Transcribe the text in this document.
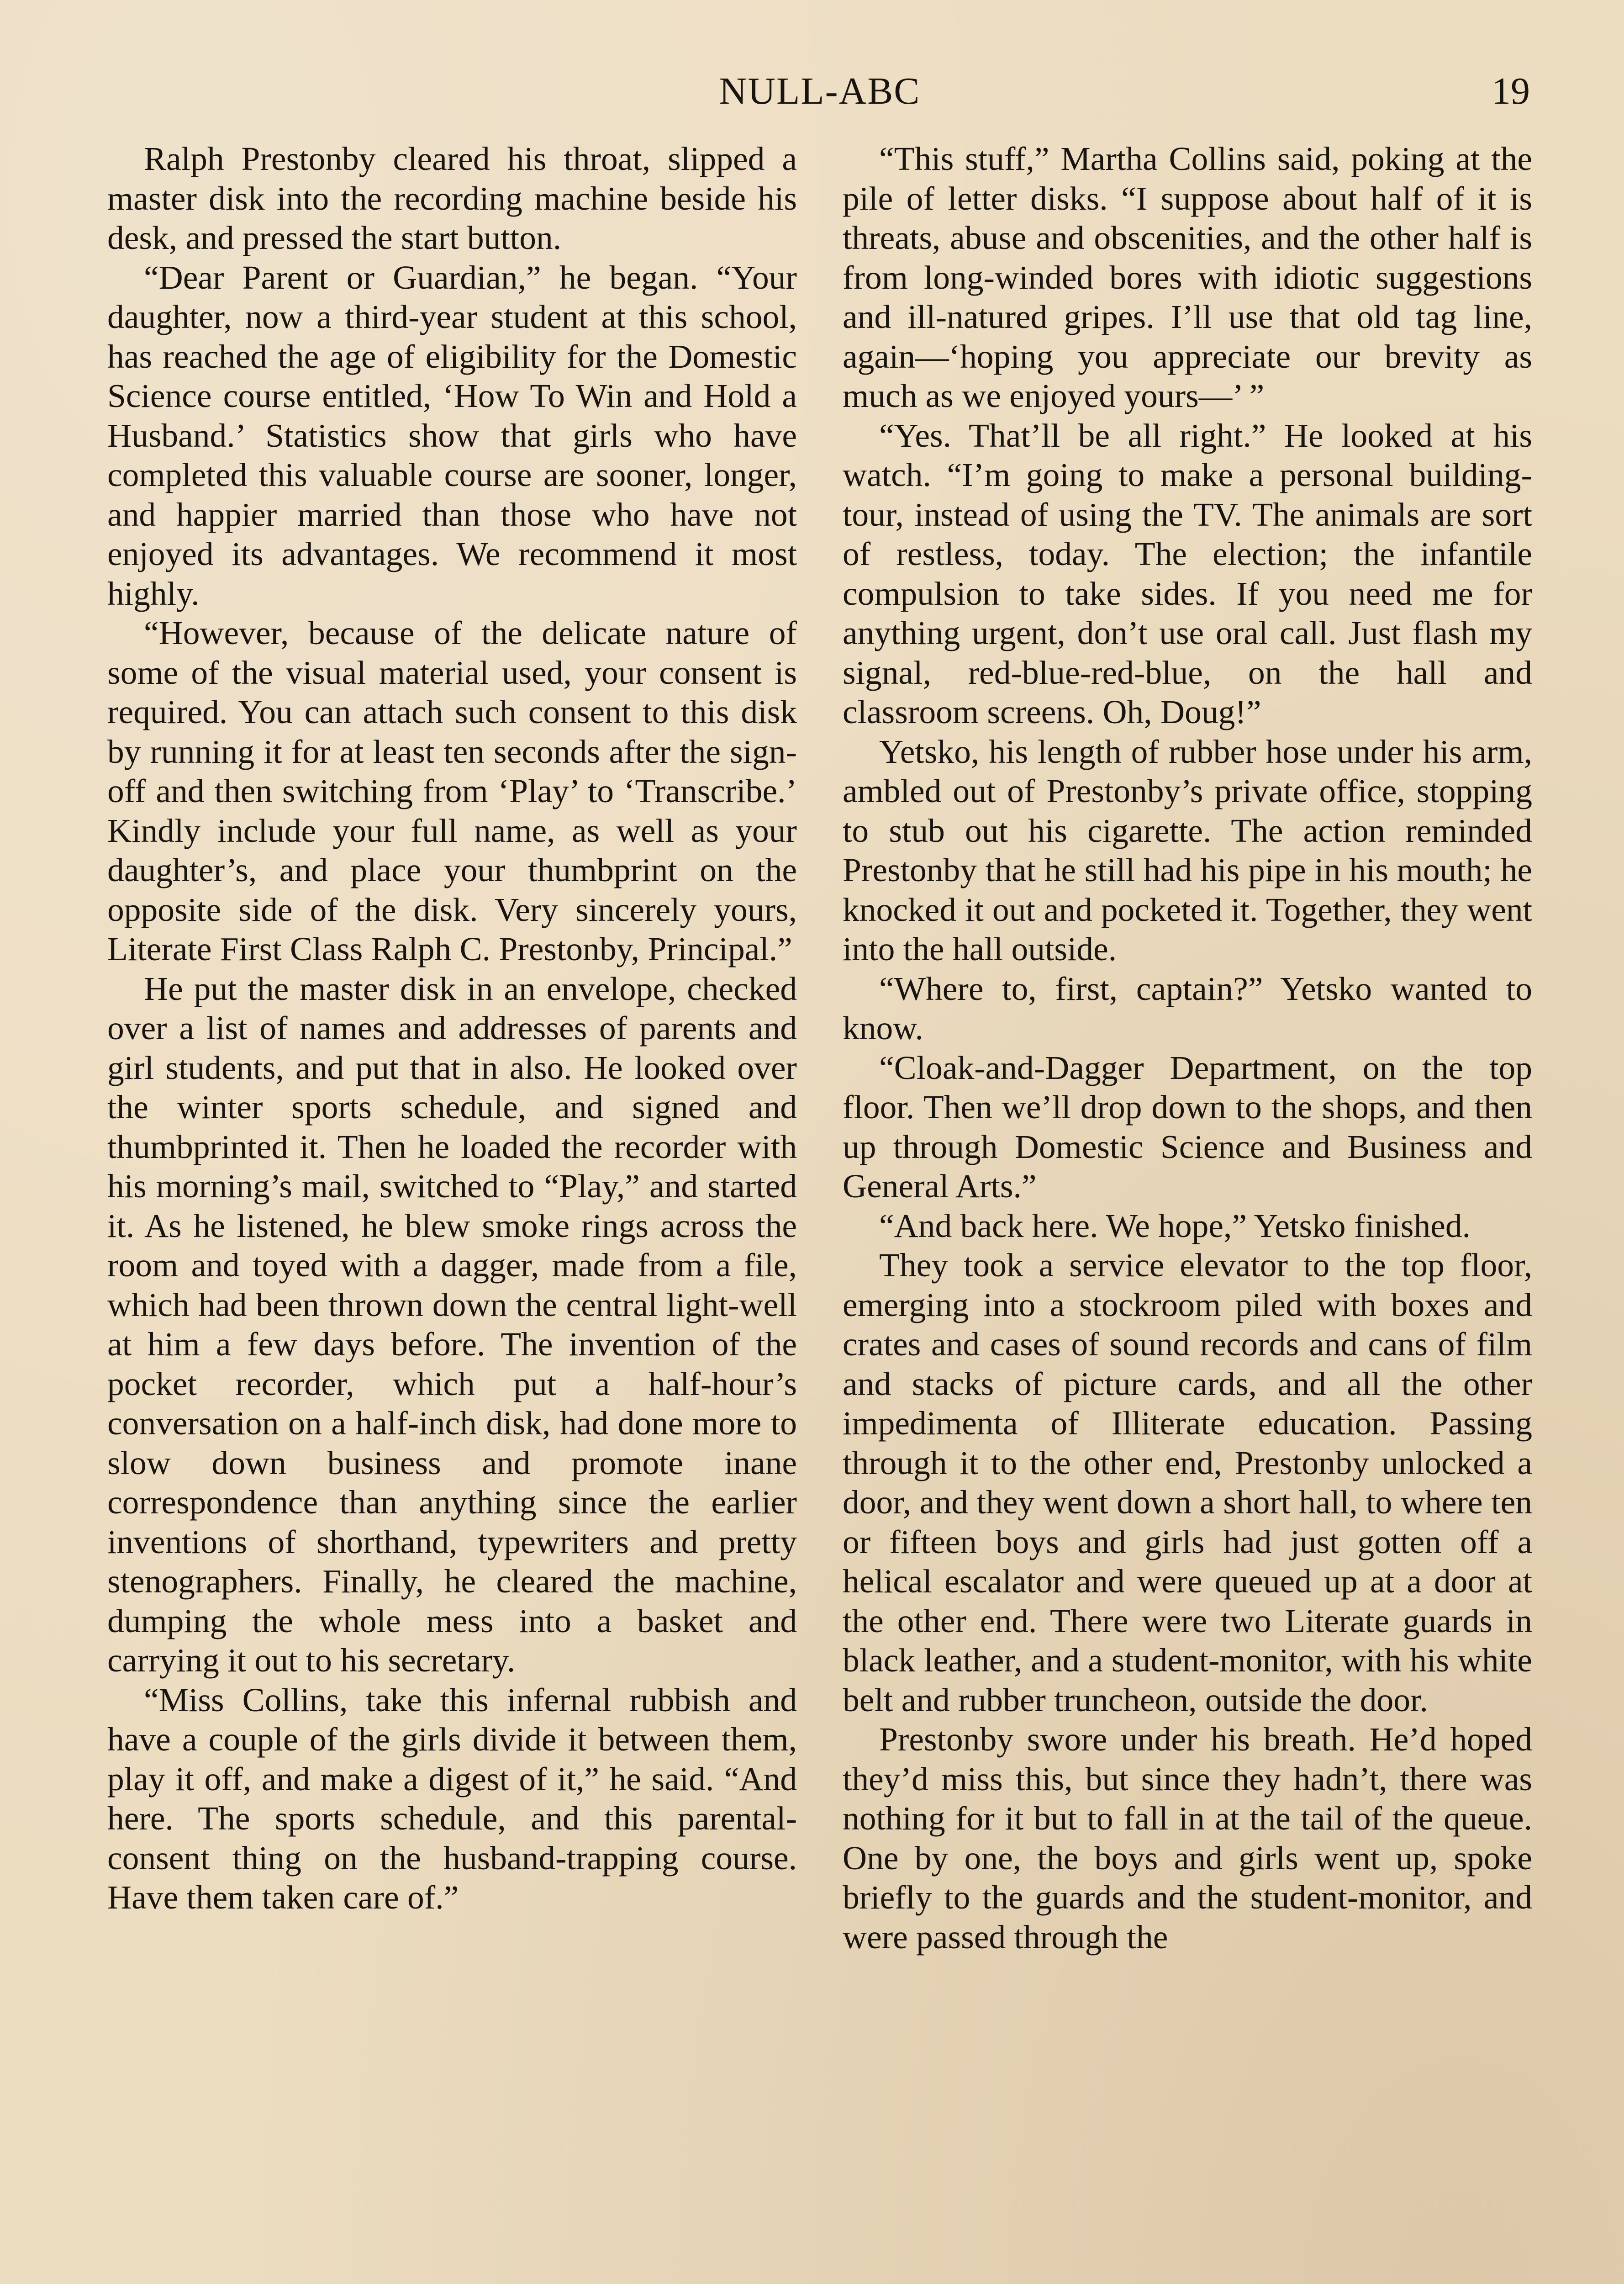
NULL-ABC	19

Ralph Prestonby cleared his throat, slipped a master disk into the recording machine beside his desk, and pressed the start button.

“Dear Parent or Guardian,” he began. “Your daughter, now a third-year student at this school, has reached the age of eligibility for the Domestic Science course entitled, ‘How To Win and Hold a Husband.’ Statistics show that girls who have completed this valuable course are sooner, longer, and happier married than those who have not enjoyed its advantages. We recommend it most highly.

“However, because of the delicate nature of some of the visual material used, your consent is required. You can attach such consent to this disk by running it for at least ten seconds after the sign-off and then switching from ‘Play’ to ‘Transcribe.’ Kindly include your full name, as well as your daughter’s, and place your thumbprint on the opposite side of the disk. Very sincerely yours, Literate First Class Ralph C. Prestonby, Principal.”

He put the master disk in an envelope, checked over a list of names and addresses of parents and girl students, and put that in also. He looked over the winter sports schedule, and signed and thumbprinted it. Then he loaded the recorder with his morning’s mail, switched to “Play,” and started it. As he listened, he blew smoke rings across the room and toyed with a dagger, made from a file, which had been thrown down the central light-well at him a few days before. The invention of the pocket recorder, which put a half-hour’s conversation on a half-inch disk, had done more to slow down business and promote inane correspondence than anything since the earlier inventions of shorthand, typewriters and pretty stenographers. Finally, he cleared the machine, dumping the whole mess into a basket and carrying it out to his secretary.

“Miss Collins, take this infernal rubbish and have a couple of the girls divide it between them, play it off, and make a digest of it,” he said. “And here. The sports schedule, and this parental-consent thing on the husband-trapping course. Have them taken care of.”

“This stuff,” Martha Collins said, poking at the pile of letter disks. “I suppose about half of it is threats, abuse and obscenities, and the other half is from long-winded bores with idiotic suggestions and ill-natured gripes. I’ll use that old tag line, again—‘hoping you appreciate our brevity as much as we enjoyed yours—’ ”

“Yes. That’ll be all right.” He looked at his watch. “I’m going to make a personal building-tour, instead of using the TV. The animals are sort of restless, today. The election; the infantile compulsion to take sides. If you need me for anything urgent, don’t use oral call. Just flash my signal, red-blue-red-blue, on the hall and classroom screens. Oh, Doug!”

Yetsko, his length of rubber hose under his arm, ambled out of Prestonby’s private office, stopping to stub out his cigarette. The action reminded Prestonby that he still had his pipe in his mouth; he knocked it out and pocketed it. Together, they went into the hall outside.

“Where to, first, captain?” Yetsko wanted to know.

“Cloak-and-Dagger Department, on the top floor. Then we’ll drop down to the shops, and then up through Domestic Science and Business and General Arts.”

“And back here. We hope,” Yetsko finished.

They took a service elevator to the top floor, emerging into a stockroom piled with boxes and crates and cases of sound records and cans of film and stacks of picture cards, and all the other impedimenta of Illiterate education. Passing through it to the other end, Prestonby unlocked a door, and they went down a short hall, to where ten or fifteen boys and girls had just gotten off a helical escalator and were queued up at a door at the other end. There were two Literate guards in black leather, and a student-monitor, with his white belt and rubber truncheon, outside the door.

Prestonby swore under his breath. He’d hoped they’d miss this, but since they hadn’t, there was nothing for it but to fall in at the tail of the queue. One by one, the boys and girls went up, spoke briefly to the guards and the student-monitor, and were passed through the
